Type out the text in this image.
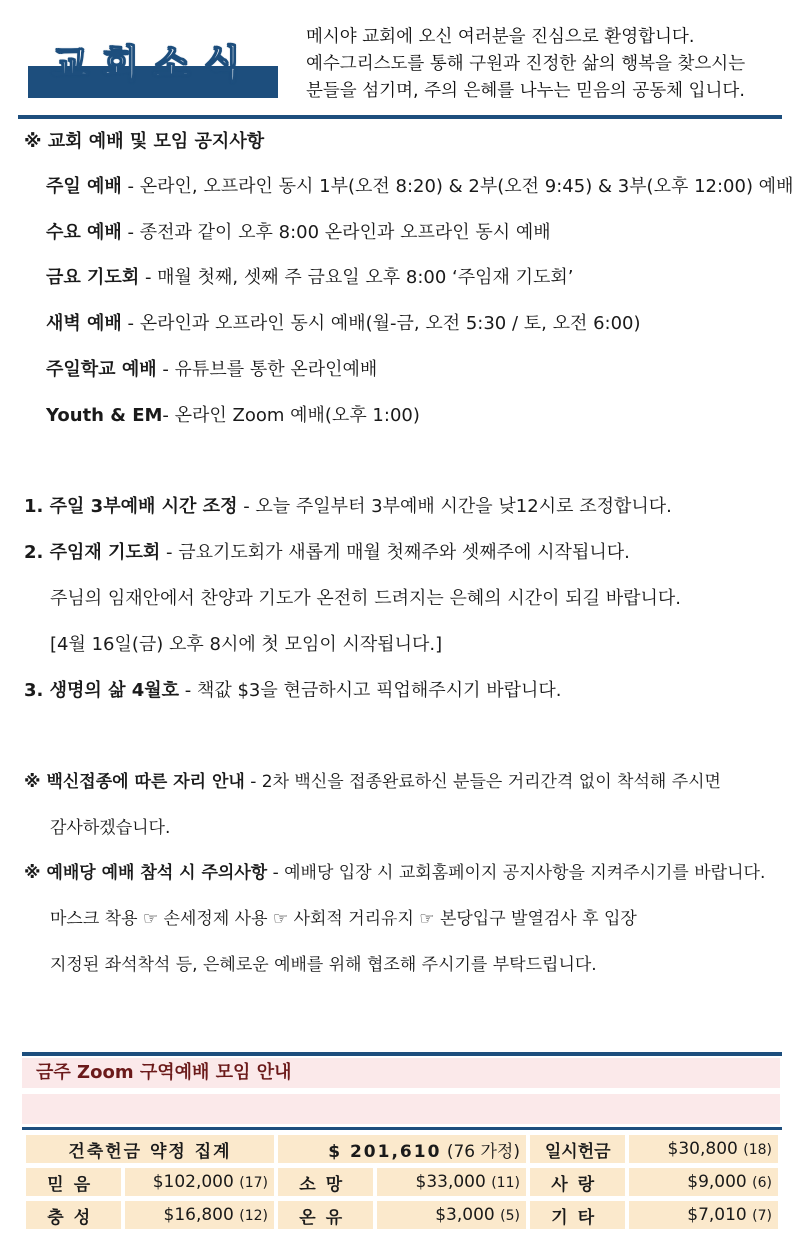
교회소식
메시야 교회에 오신 여러분을 진심으로 환영합니다.
예수그리스도를 통해 구원과 진정한 삶의 행복을 찾으시는
분들을 섬기며, 주의 은혜를 나누는 믿음의 공동체 입니다.
※ 교회 예배 및 모임 공지사항
주일 예배 - 온라인, 오프라인 동시 1부(오전 8:20) & 2부(오전 9:45) & 3부(오후 12:00) 예배
수요 예배 - 종전과 같이 오후 8:00 온라인과 오프라인 동시 예배
금요 기도회 - 매월 첫째, 셋째 주 금요일 오후 8:00 ‘주임재 기도회’
새벽 예배 - 온라인과 오프라인 동시 예배(월-금, 오전 5:30 / 토, 오전 6:00)
주일학교 예배 - 유튜브를 통한 온라인예배
Youth & EM- 온라인 Zoom 예배(오후 1:00)
1. 주일 3부예배 시간 조정 - 오늘 주일부터 3부예배 시간을 낮12시로 조정합니다.
2. 주임재 기도회 - 금요기도회가 새롭게 매월 첫째주와 셋째주에 시작됩니다.
주님의 임재안에서 찬양과 기도가 온전히 드려지는 은혜의 시간이 되길 바랍니다.
[4월 16일(금) 오후 8시에 첫 모임이 시작됩니다.]
3. 생명의 삶 4월호 - 책값 $3을 현금하시고 픽업해주시기 바랍니다.
※ 백신접종에 따른 자리 안내 - 2차 백신을 접종완료하신 분들은 거리간격 없이 착석해 주시면
감사하겠습니다.
※ 예배당 예배 참석 시 주의사항 - 예배당 입장 시 교회홈페이지 공지사항을 지켜주시기를 바랍니다.
마스크 착용 ☞ 손세정제 사용 ☞ 사회적 거리유지 ☞ 본당입구 발열검사 후 입장
지정된 좌석착석 등, 은혜로운 예배를 위해 협조해 주시기를 부탁드립니다.
금주 Zoom 구역예배 모임 안내
건축헌금 약정 집계		$ 201,610 (76 가정)		일시헌금	$30,800 (18)
믿음	$102,000 (17)	소망	$33,000 (11)	사랑	$9,000 (6)
충성	$16,800 (12)	온유	$3,000 (5)	기타	$7,010 (7)
